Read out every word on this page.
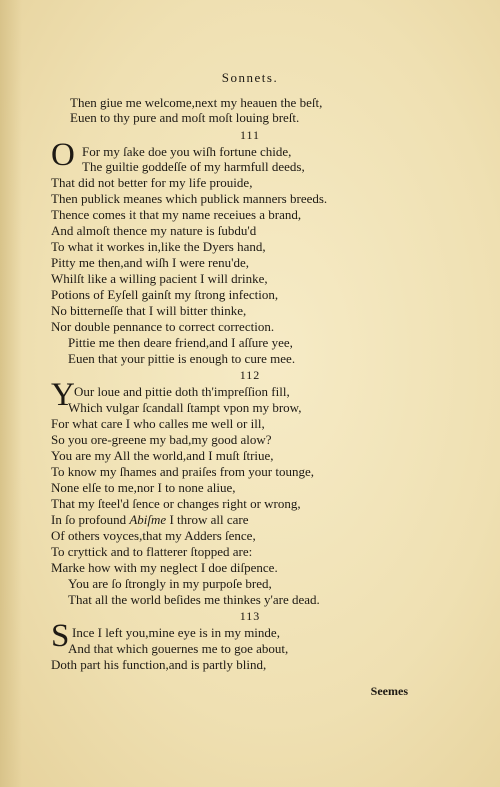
Sonnets.
Then giue me welcome,next my heauen the beſt,
Euen to thy pure and moſt moſt louing breſt.
111
O For my ſake doe you wiſh fortune chide,
The guiltie goddeſſe of my harmfull deeds,
That did not better for my life prouide,
Then publick meanes which publick manners breeds.
Thence comes it that my name receiues a brand,
And almoſt thence my nature is ſubdu'd
To what it workes in,like the Dyers hand,
Pitty me then,and wiſh I were renu'de,
Whilſt like a willing pacient I will drinke,
Potions of Eyſell gainſt my ſtrong infection,
No bitterneſſe that I will bitter thinke,
Nor double pennance to correct correction.
Pittie me then deare friend,and I aſſure yee,
Euen that your pittie is enough to cure mee.
112
Y Our loue and pittie doth th'impreſſion fill,
Which vulgar ſcandall ſtampt vpon my brow,
For what care I who calles me well or ill,
So you ore-greene my bad,my good alow?
You are my All the world,and I muſt ſtriue,
To know my ſhames and praiſes from your tounge,
None elſe to me,nor I to none aliue,
That my ſteel'd ſence or changes right or wrong,
In ſo profound Abiſme I throw all care
Of others voyces,that my Adders ſence,
To cryttick and to flatterer ſtopped are:
Marke how with my neglect I doe diſpence.
You are ſo ſtrongly in my purpoſe bred,
That all the world beſides me thinkes y'are dead.
113
S Ince I left you,mine eye is in my minde,
And that which gouernes me to goe about,
Doth part his function,and is partly blind,
Seemes
